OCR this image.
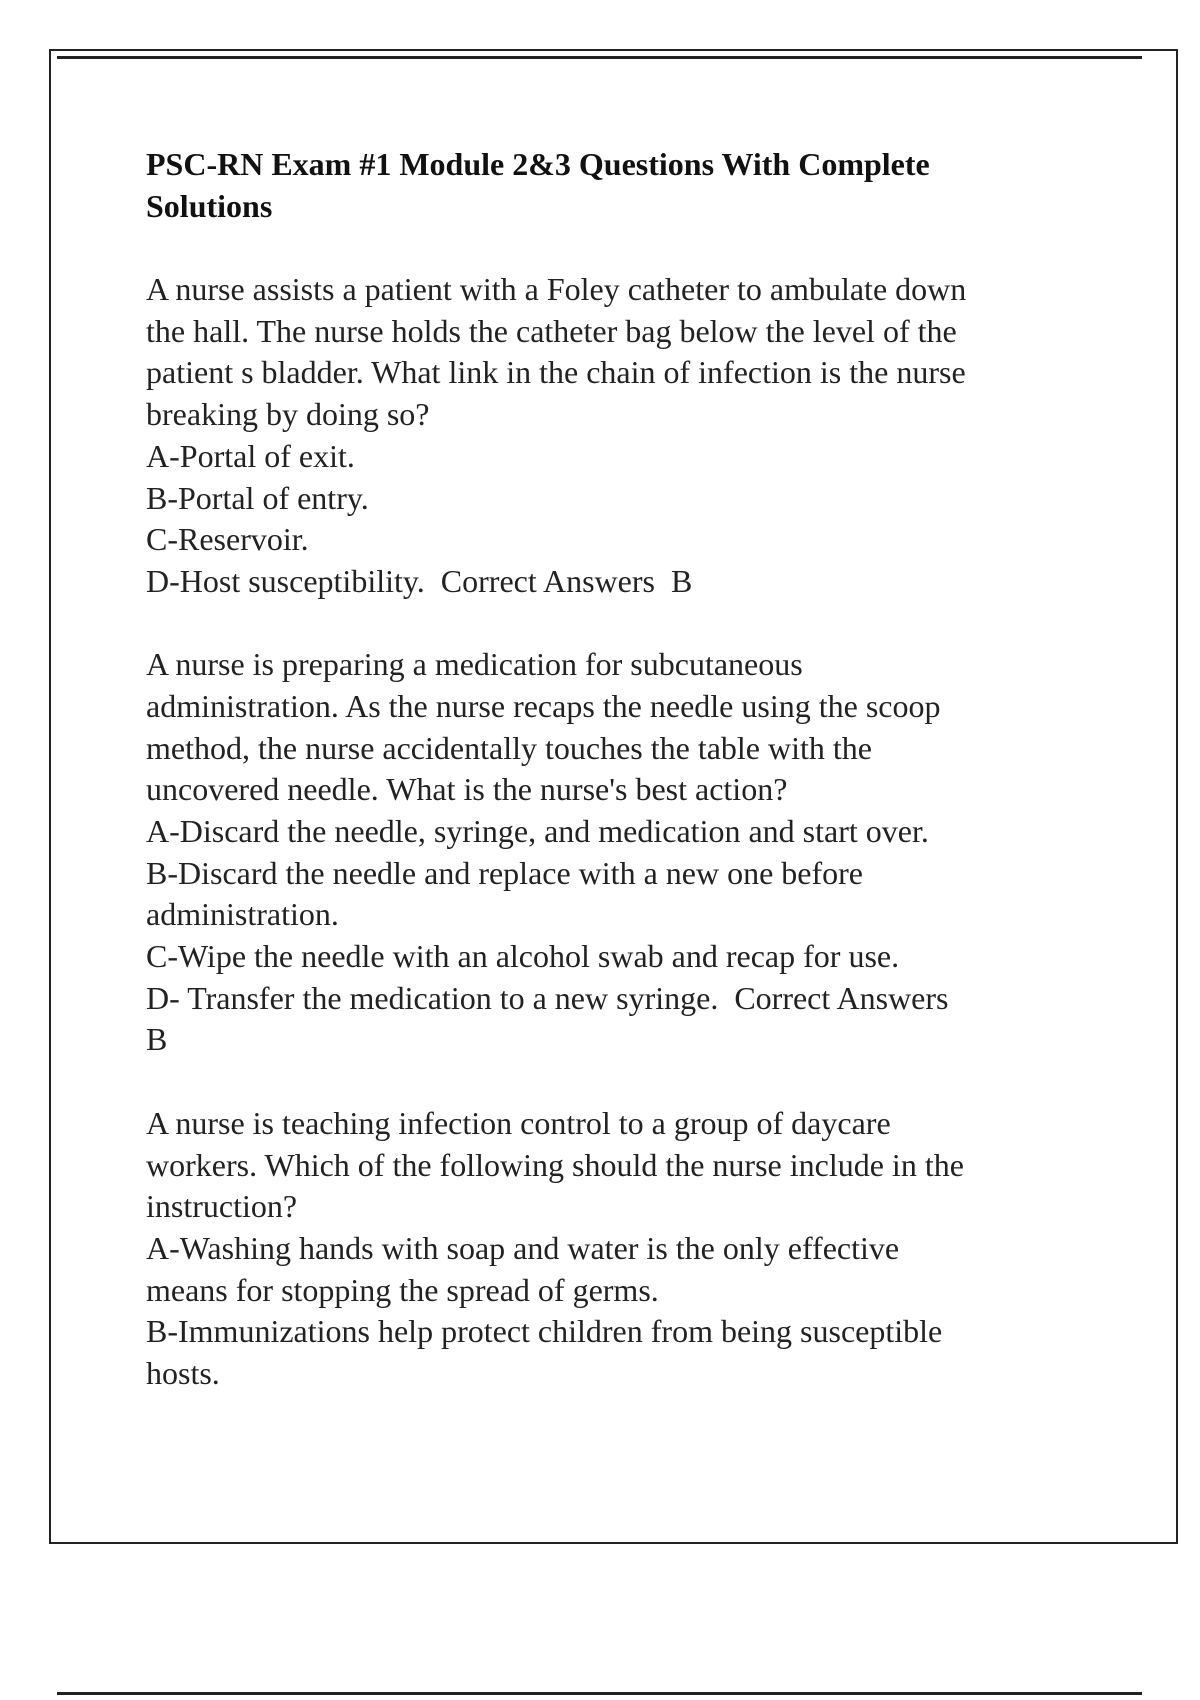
PSC-RN Exam #1 Module 2&3 Questions With Complete
Solutions
A nurse assists a patient with a Foley catheter to ambulate down
the hall. The nurse holds the catheter bag below the level of the
patient s bladder. What link in the chain of infection is the nurse
breaking by doing so?
A-Portal of exit.
B-Portal of entry.
C-Reservoir.
D-Host susceptibility.  Correct Answers  B
A nurse is preparing a medication for subcutaneous
administration. As the nurse recaps the needle using the scoop
method, the nurse accidentally touches the table with the
uncovered needle. What is the nurse's best action?
A-Discard the needle, syringe, and medication and start over.
B-Discard the needle and replace with a new one before
administration.
C-Wipe the needle with an alcohol swab and recap for use.
D- Transfer the medication to a new syringe.  Correct Answers
B
A nurse is teaching infection control to a group of daycare
workers. Which of the following should the nurse include in the
instruction?
A-Washing hands with soap and water is the only effective
means for stopping the spread of germs.
B-Immunizations help protect children from being susceptible
hosts.
